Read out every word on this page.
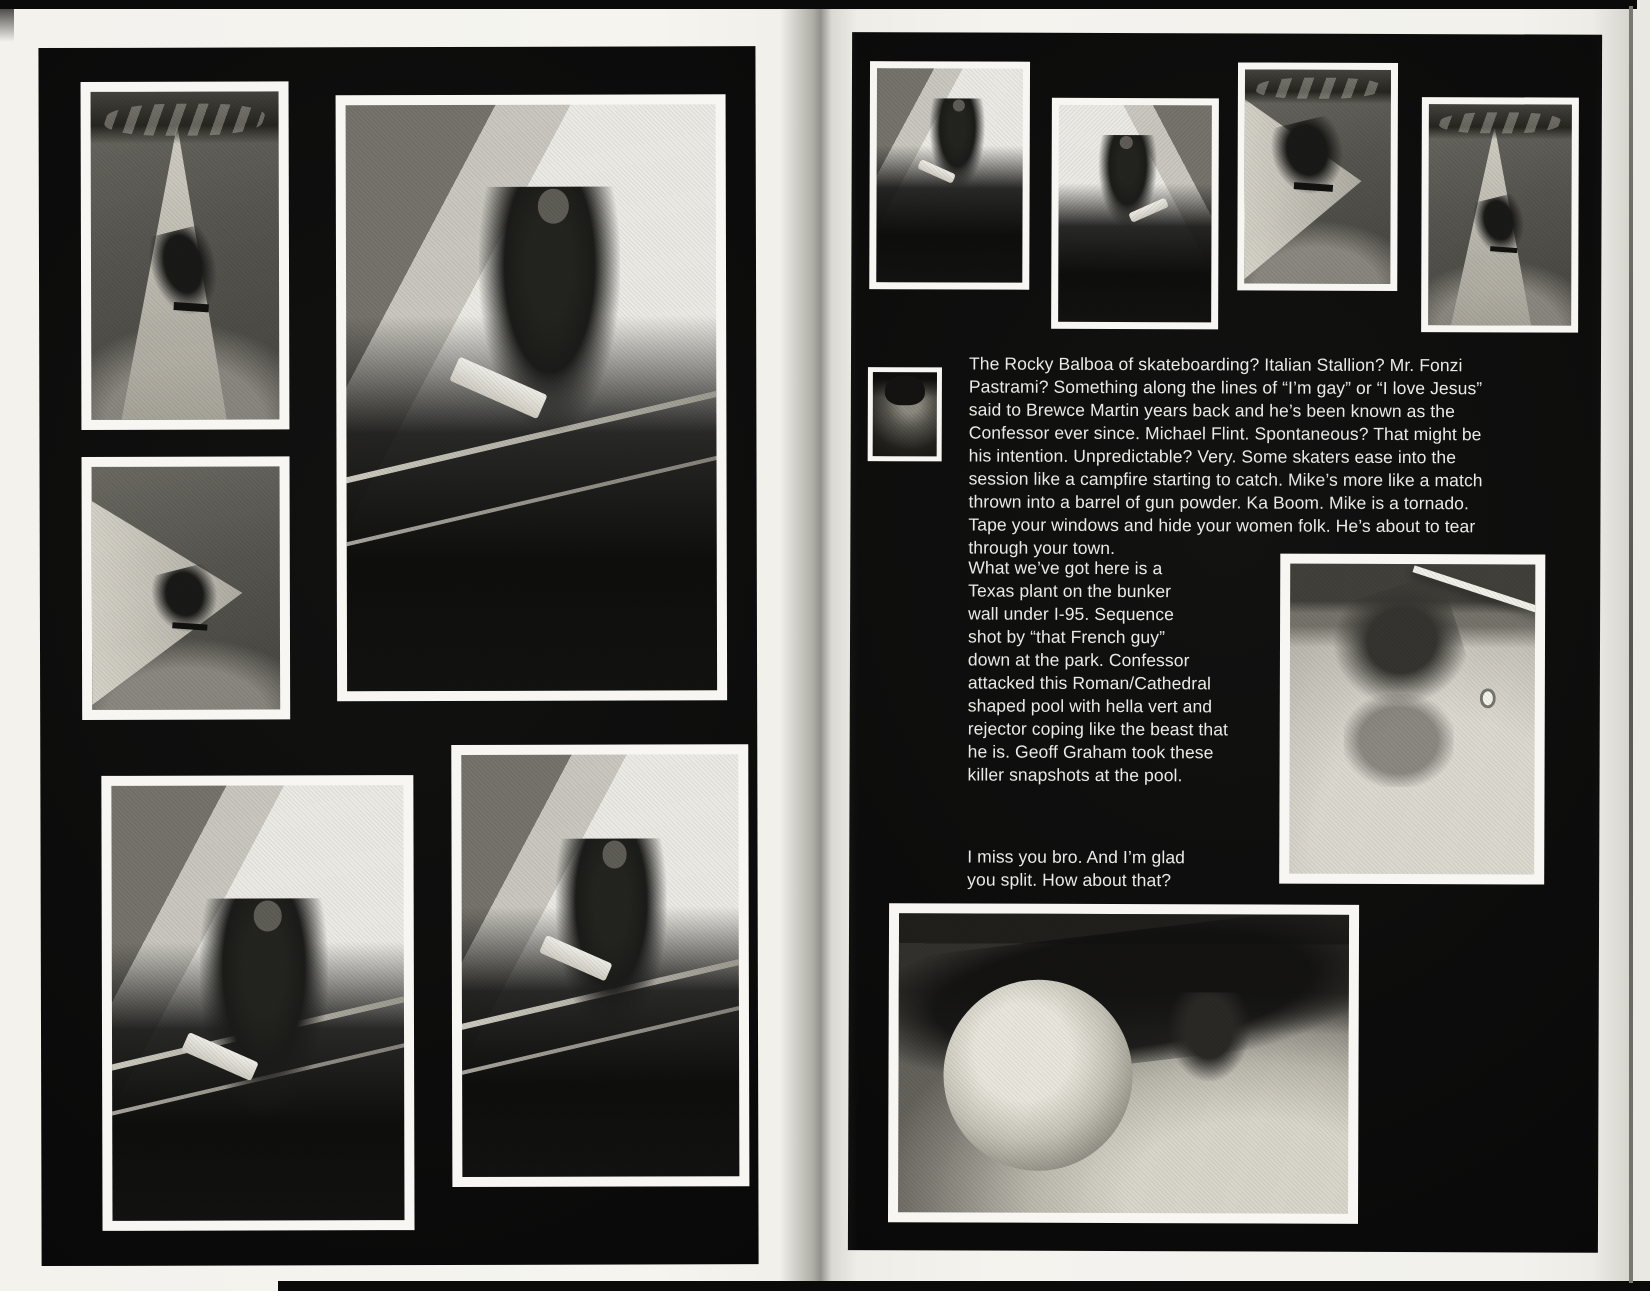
The Rocky Balboa of skateboarding? Italian Stallion? Mr. Fonzi
Pastrami? Something along the lines of “I’m gay” or “I love Jesus”
said to Brewce Martin years back and he’s been known as the
Confessor ever since. Michael Flint. Spontaneous? That might be
his intention. Unpredictable? Very. Some skaters ease into the
session like a campfire starting to catch. Mike’s more like a match
thrown into a barrel of gun powder. Ka Boom. Mike is a tornado.
Tape your windows and hide your women folk. He’s about to tear
through your town.
What we’ve got here is a
Texas plant on the bunker
wall under I-95. Sequence
shot by “that French guy”
down at the park. Confessor
attacked this Roman/Cathedral
shaped pool with hella vert and
rejector coping like the beast that
he is. Geoff Graham took these
killer snapshots at the pool.
I miss you bro. And I’m glad
you split. How about that?
